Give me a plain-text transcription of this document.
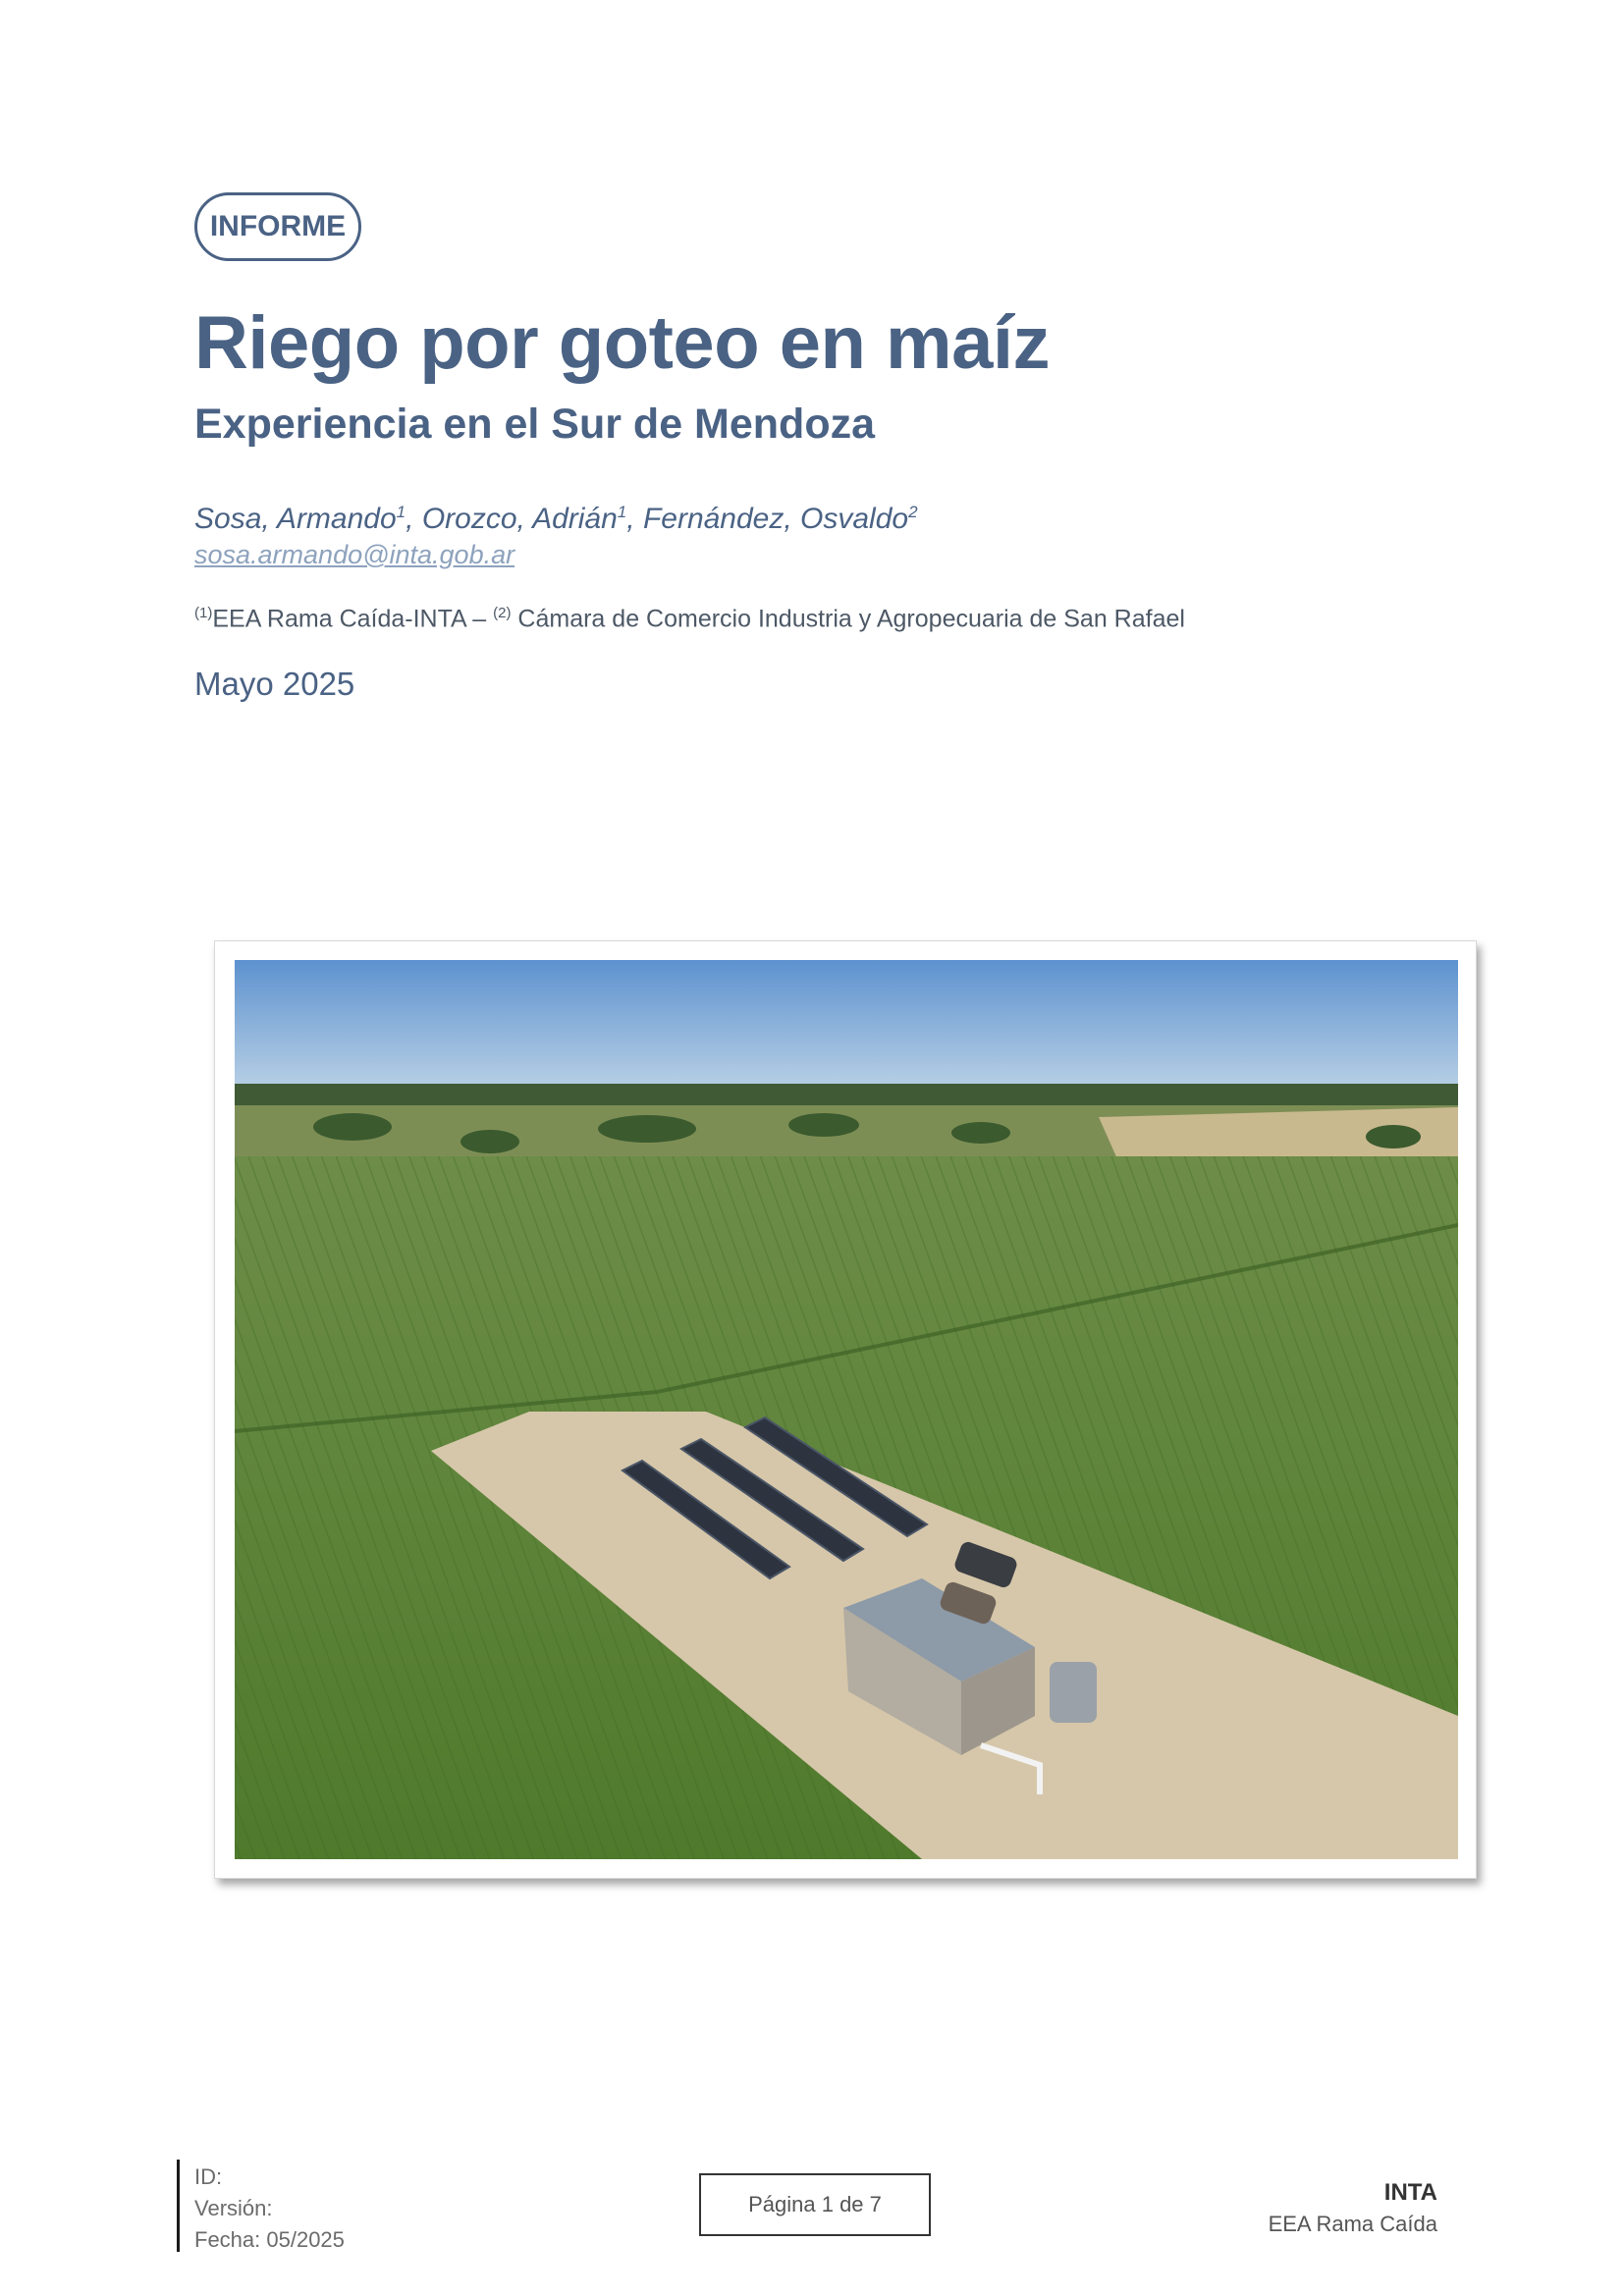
INFORME
Riego por goteo en maíz
Experiencia en el Sur de Mendoza
Sosa, Armando$^1$, Orozco, Adrián$^1$, Fernández, Osvaldo$^2$
sosa.armando@inta.gob.ar
$^{(1)}$EEA Rama Caída-INTA – $^{(2)}$ Cámara de Comercio Industria y Agropecuaria de San Rafael
Mayo 2025
ID:
Versión:
Fecha: 05/2025
Página 1 de 7	INTA
EEA Rama Caída
